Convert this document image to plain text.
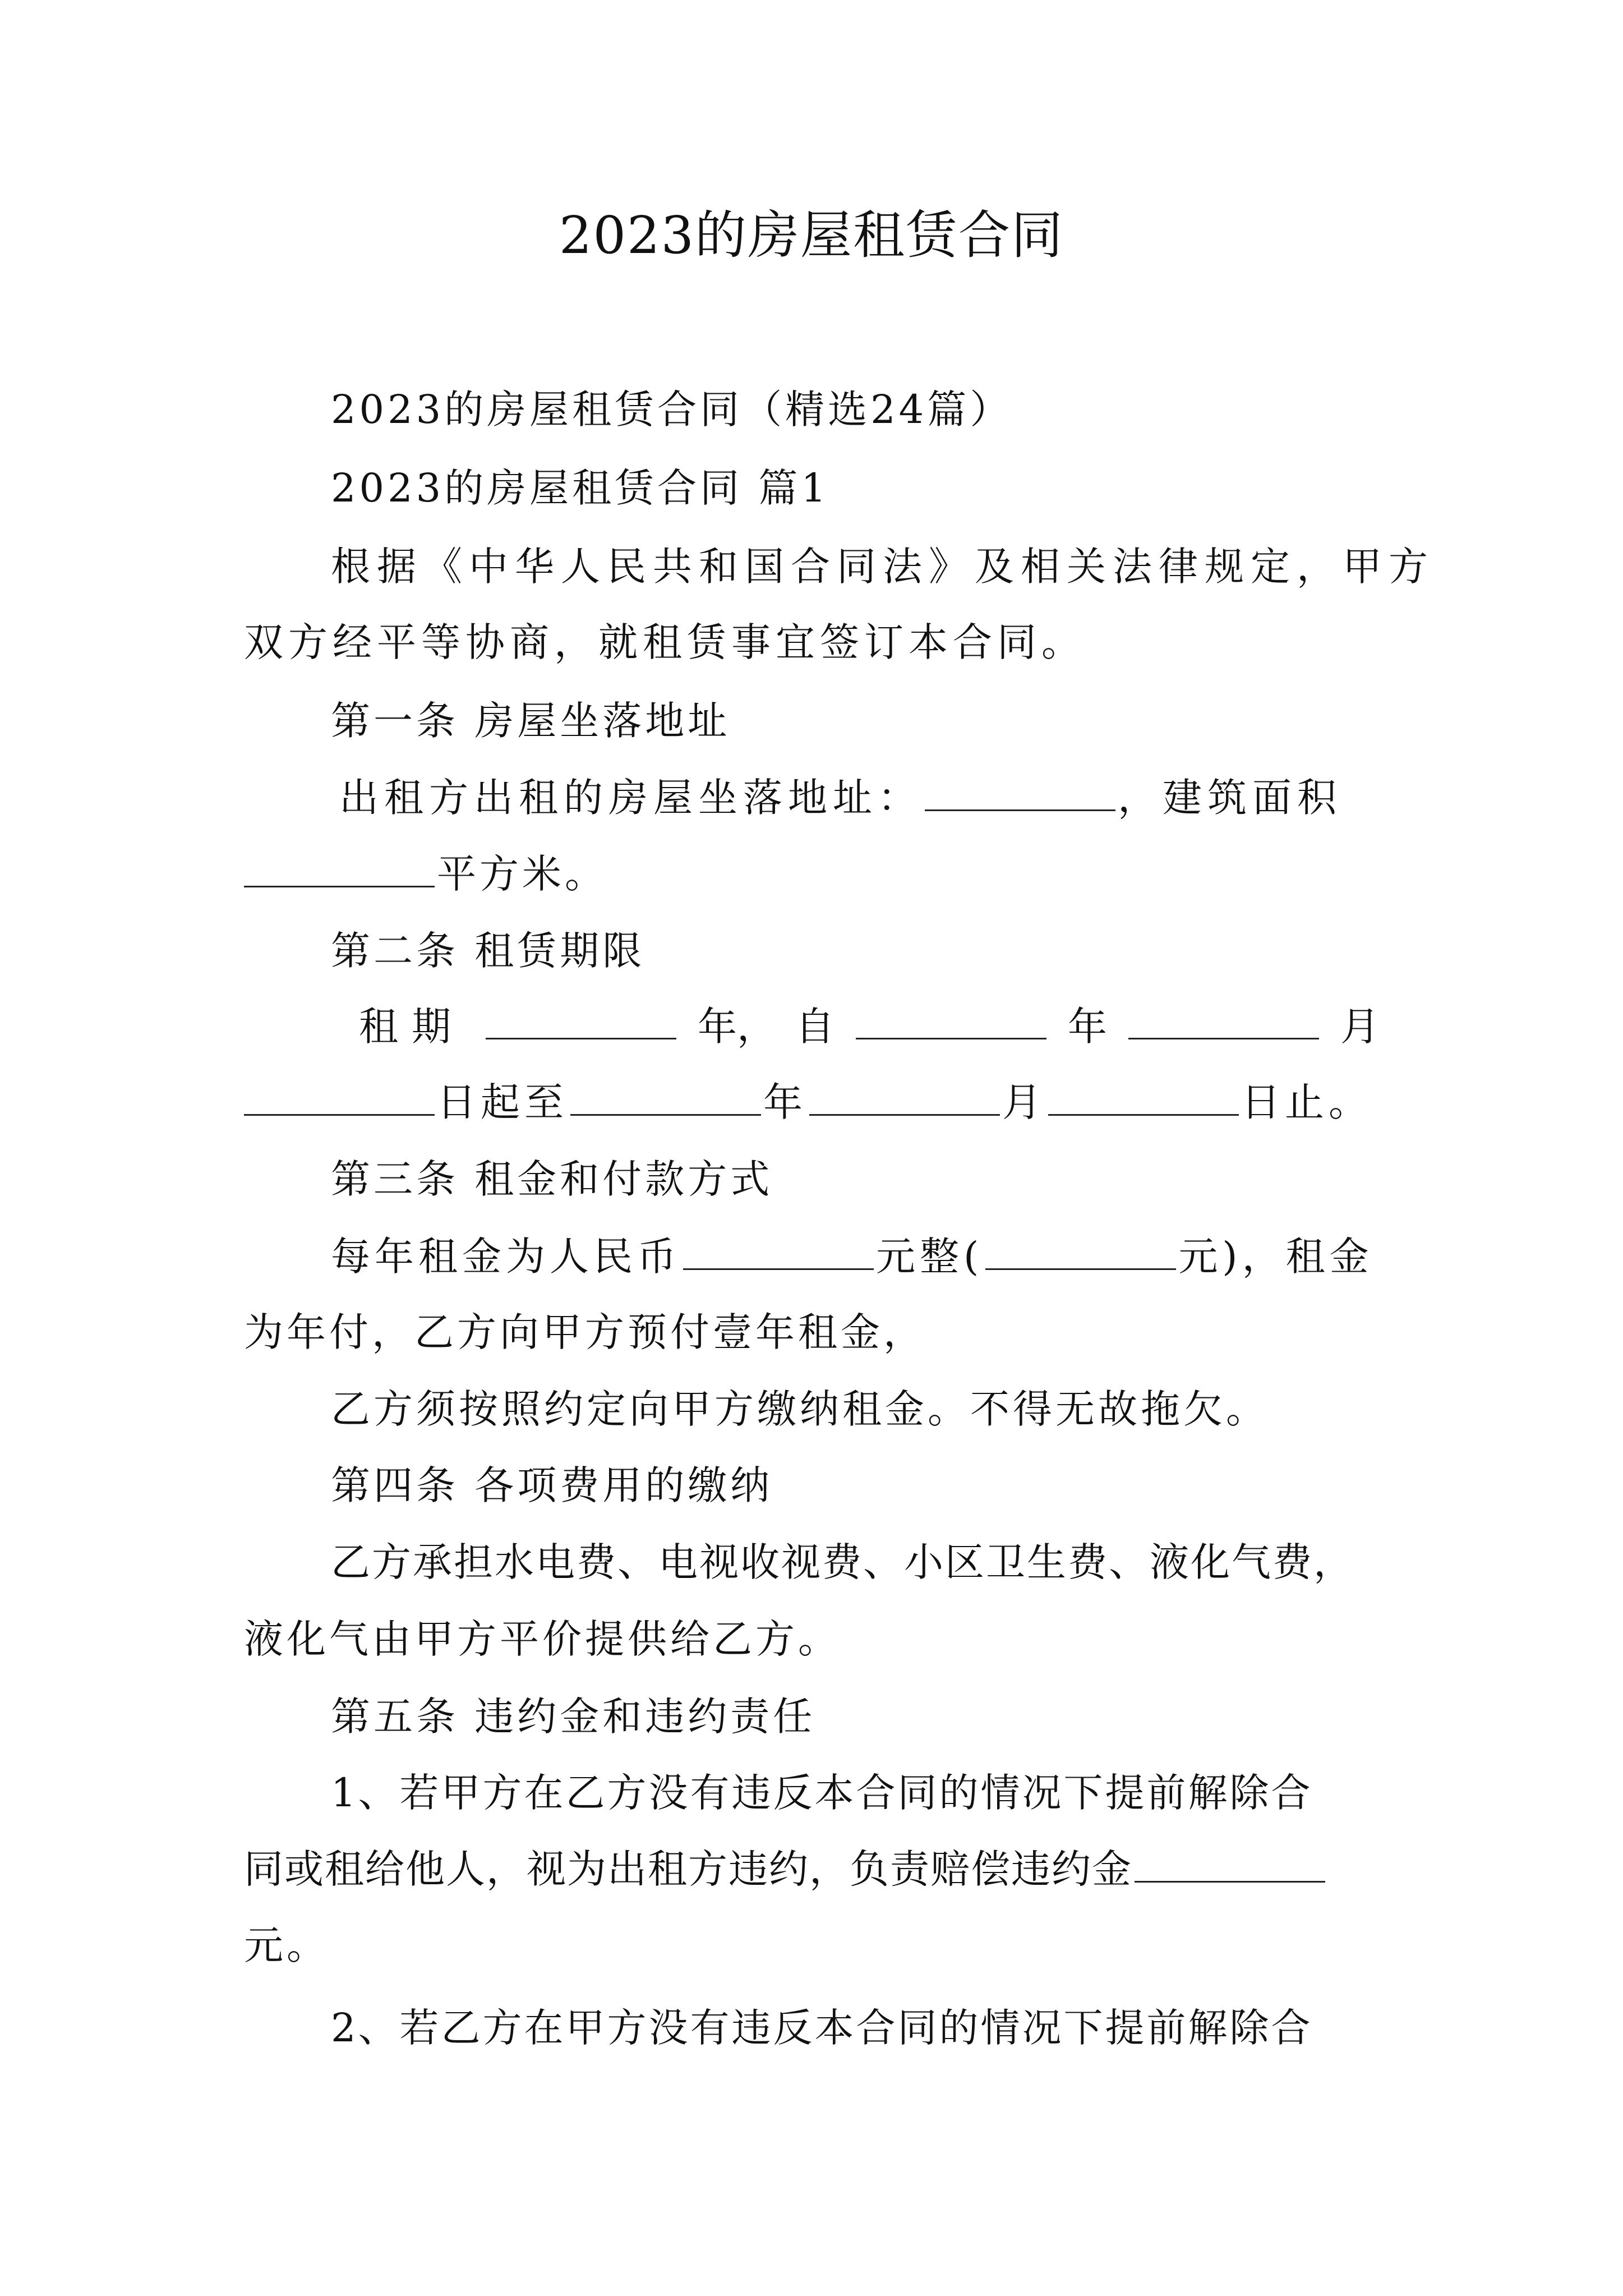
2023的房屋租赁合同
2023的房屋租赁合同（精选24篇）
2023的房屋租赁合同 篇1
根据《中华人民共和国合同法》及相关法律规定，甲方
双方经平等协商，就租赁事宜签订本合同。
第一条 房屋坐落地址
出租方出租的房屋坐落地址：	，建筑面积
平方米。
第二条 租赁期限
租期	年， 自	年	月
日起至	年	月	日止。
第三条 租金和付款方式
每年租金为人民币	元整(	元)，租金
为年付，乙方向甲方预付壹年租金，
乙方须按照约定向甲方缴纳租金。不得无故拖欠。
第四条 各项费用的缴纳
乙方承担水电费、电视收视费、小区卫生费、液化气费，
液化气由甲方平价提供给乙方。
第五条 违约金和违约责任
1、若甲方在乙方没有违反本合同的情况下提前解除合
同或租给他人，视为出租方违约，负责赔偿违约金
元。
2、若乙方在甲方没有违反本合同的情况下提前解除合
